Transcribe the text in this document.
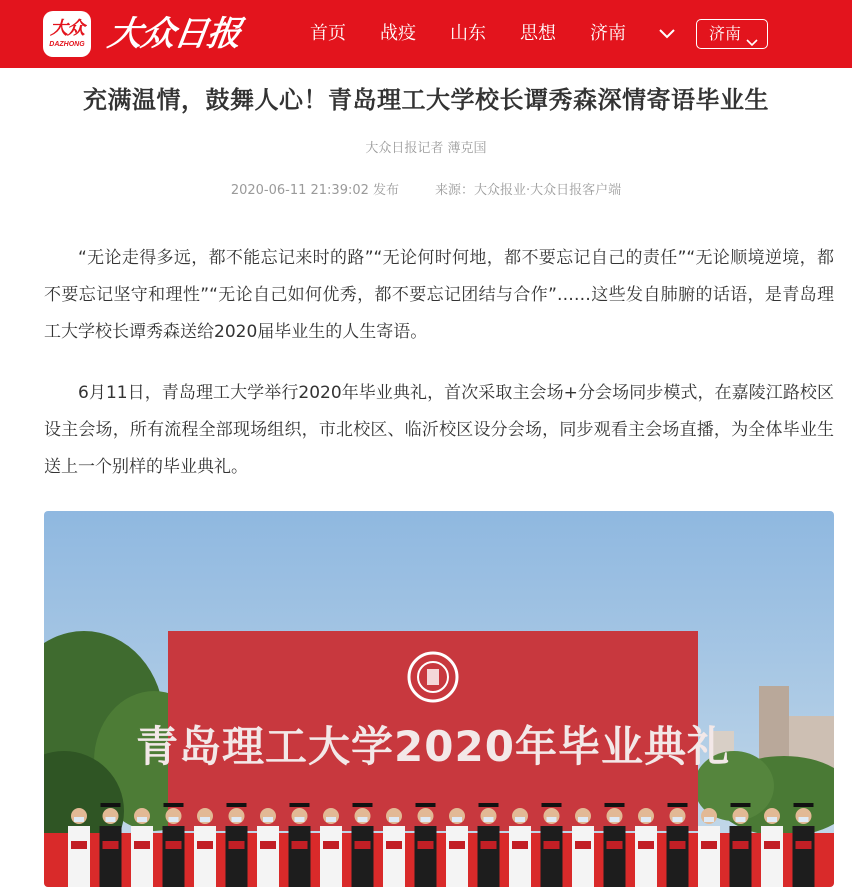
大众
DAZHONG 大众日报	首页 战疫 山东 思想 济南	济南
充满温情，鼓舞人心！青岛理工大学校长谭秀森深情寄语毕业生
大众日报记者 薄克国
2020-06-11 21:39:02 发布	来源：大众报业·大众日报客户端

“无论走得多远，都不能忘记来时的路”“无论何时何地，都不要忘记自己的责任”“无论顺境逆境，都不要忘记坚守和理性”“无论自己如何优秀，都不要忘记团结与合作”……这些发自肺腑的话语，是青岛理工大学校长谭秀森送给2020届毕业生的人生寄语。

6月11日，青岛理工大学举行2020年毕业典礼，首次采取主会场+分会场同步模式，在嘉陵江路校区设主会场，所有流程全部现场组织，市北校区、临沂校区设分会场，同步观看主会场直播，为全体毕业生送上一个别样的毕业典礼。

青岛理工大学2020年毕业典礼
